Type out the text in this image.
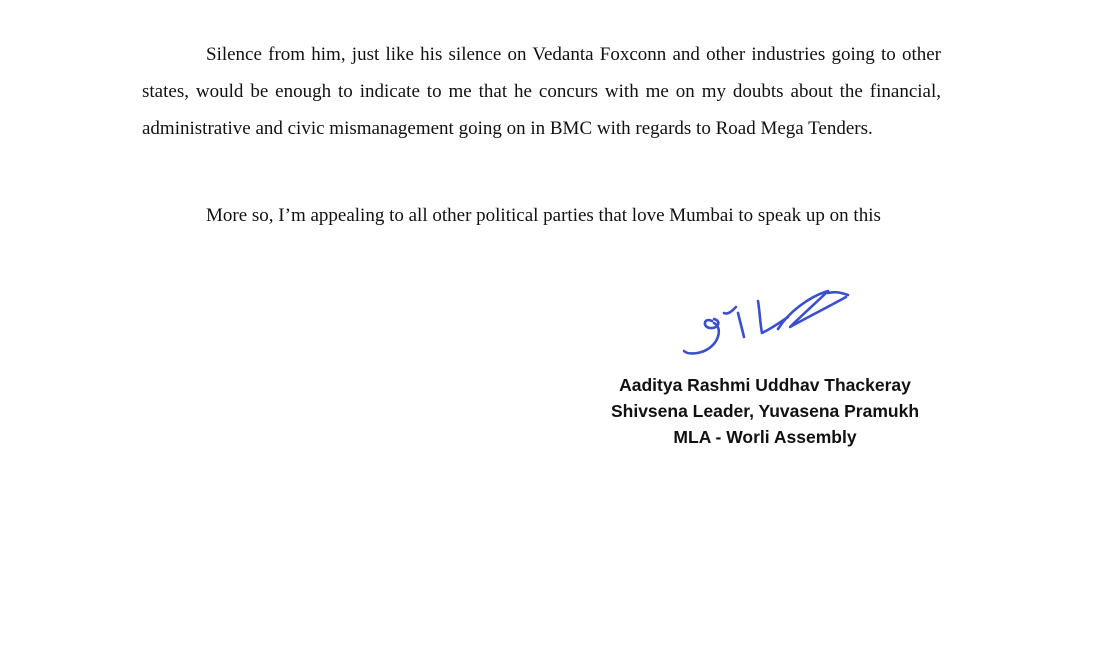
Silence from him, just like his silence on Vedanta Foxconn and other industries going to other states, would be enough to indicate to me that he concurs with me on my doubts about the financial, administrative and civic mismanagement going on in BMC with regards to Road Mega Tenders.

More so, I’m appealing to all other political parties that love Mumbai to speak up on this

Aaditya Rashmi Uddhav Thackeray
Shivsena Leader, Yuvasena Pramukh
MLA - Worli Assembly
